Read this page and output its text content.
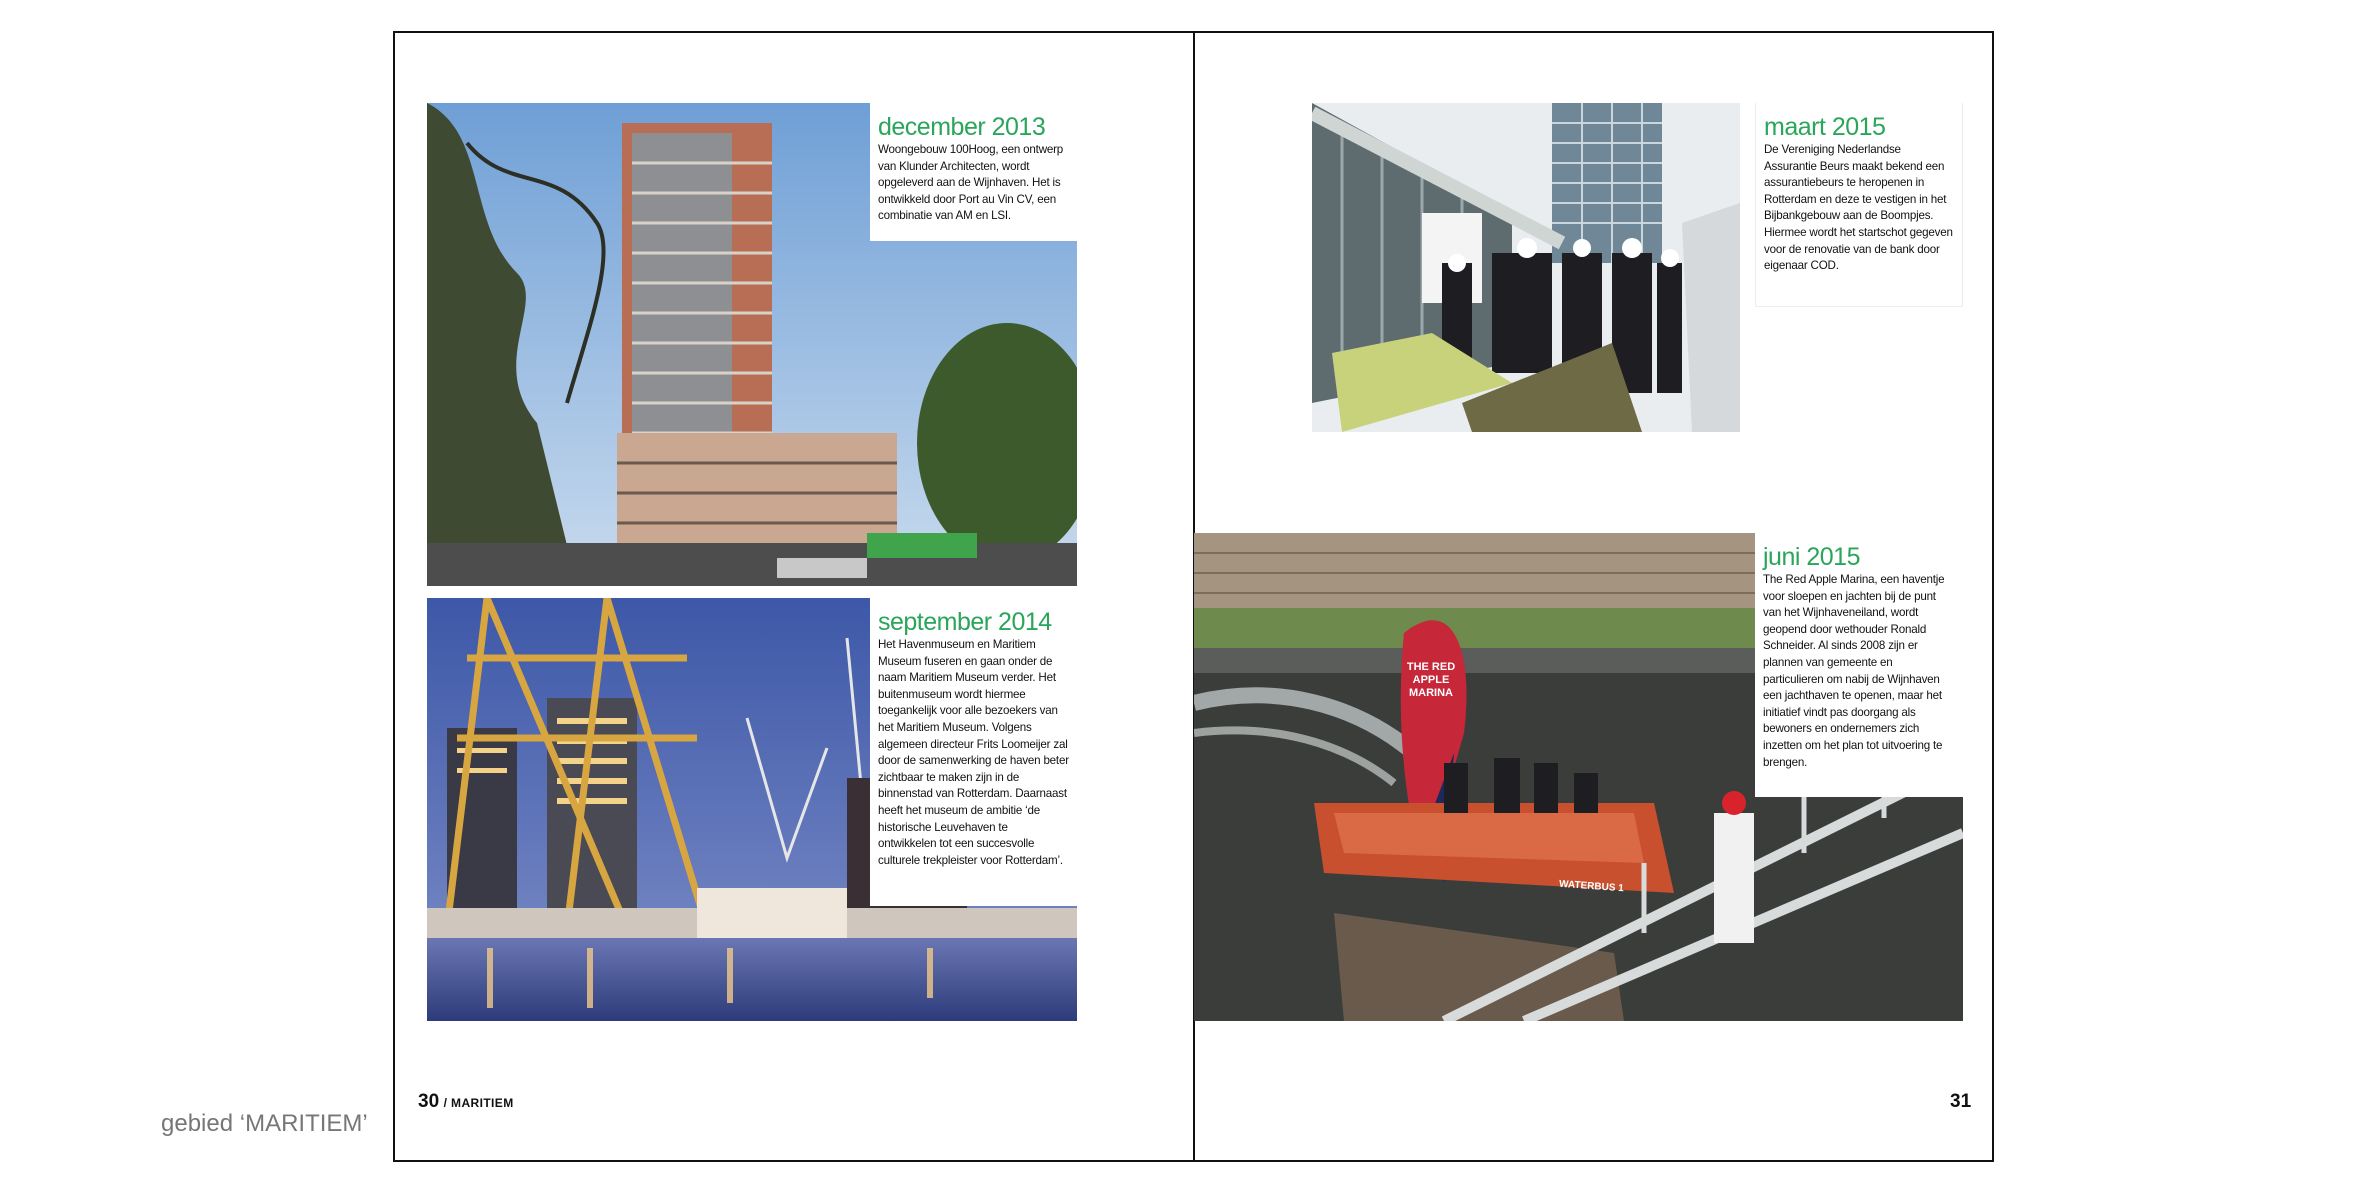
december 2013
Woongebouw 100Hoog, een ontwerp van Klunder Architecten, wordt opgeleverd aan de Wijnhaven. Het is ontwikkeld door Port au Vin CV, een combinatie van AM en LSI.
september 2014
Het Havenmuseum en Maritiem Museum fuseren en gaan onder de naam Maritiem Museum verder. Het buitenmuseum wordt hiermee toegankelijk voor alle bezoekers van het Maritiem Museum. Volgens algemeen directeur Frits Loomeijer zal door de samenwerking de haven beter zichtbaar te maken zijn in de binnenstad van Rotterdam. Daarnaast heeft het museum de ambitie ‘de historische Leuvehaven te ontwikkelen tot een succesvolle culturele trekpleister voor Rotterdam’.
maart 2015
De Vereniging Nederlandse Assurantie Beurs maakt bekend een assurantiebeurs te heropenen in Rotterdam en deze te vestigen in het Bijbankgebouw aan de Boompjes. Hiermee wordt het startschot gegeven voor de renovatie van de bank door eigenaar COD.
THE RED
APPLE
MARINA
WATERBUS 1
juni 2015
The Red Apple Marina, een haventje voor sloepen en jachten bij de punt van het Wijnhaveneiland, wordt geopend door wethouder Ronald Schneider. Al sinds 2008 zijn er plannen van gemeente en particulieren om nabij de Wijnhaven een jachthaven te openen, maar het initiatief vindt pas doorgang als bewoners en ondernemers zich inzetten om het plan tot uitvoering te brengen.
30 / MARITIEM	31
gebied ‘MARITIEM’
